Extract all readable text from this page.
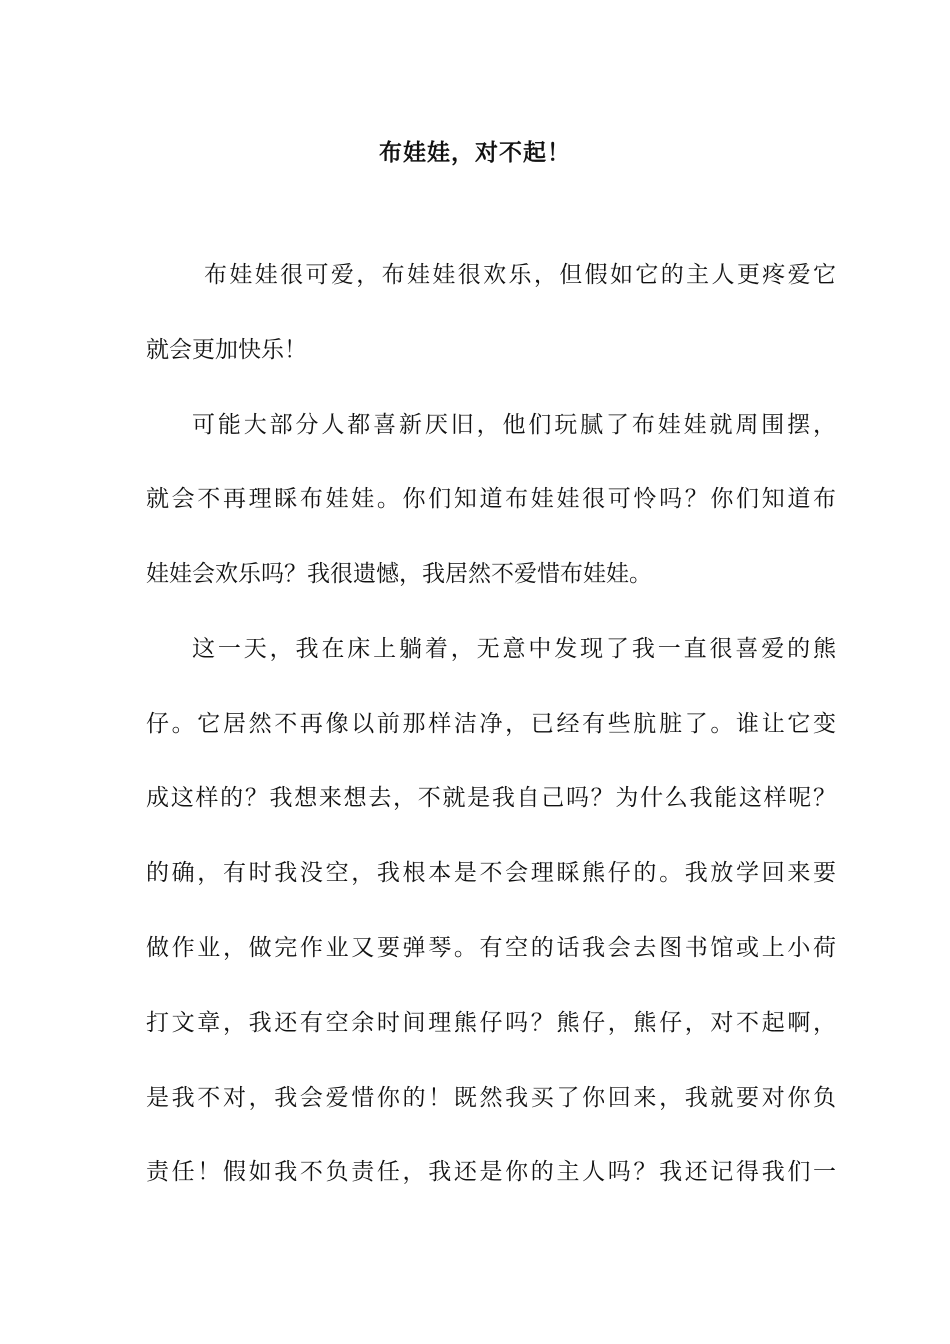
布娃娃，对不起！
布娃娃很可爱，布娃娃很欢乐，但假如它的主人更疼爱它
就会更加快乐！
可能大部分人都喜新厌旧，他们玩腻了布娃娃就周围摆，
就会不再理睬布娃娃。你们知道布娃娃很可怜吗？你们知道布
娃娃会欢乐吗？我很遗憾，我居然不爱惜布娃娃。
这一天，我在床上躺着，无意中发现了我一直很喜爱的熊
仔。它居然不再像以前那样洁净，已经有些肮脏了。谁让它变
成这样的？我想来想去，不就是我自己吗？为什么我能这样呢？
的确，有时我没空，我根本是不会理睬熊仔的。我放学回来要
做作业，做完作业又要弹琴。有空的话我会去图书馆或上小荷
打文章，我还有空余时间理熊仔吗？熊仔，熊仔，对不起啊，
是我不对，我会爱惜你的！既然我买了你回来，我就要对你负
责任！假如我不负责任，我还是你的主人吗？我还记得我们一
